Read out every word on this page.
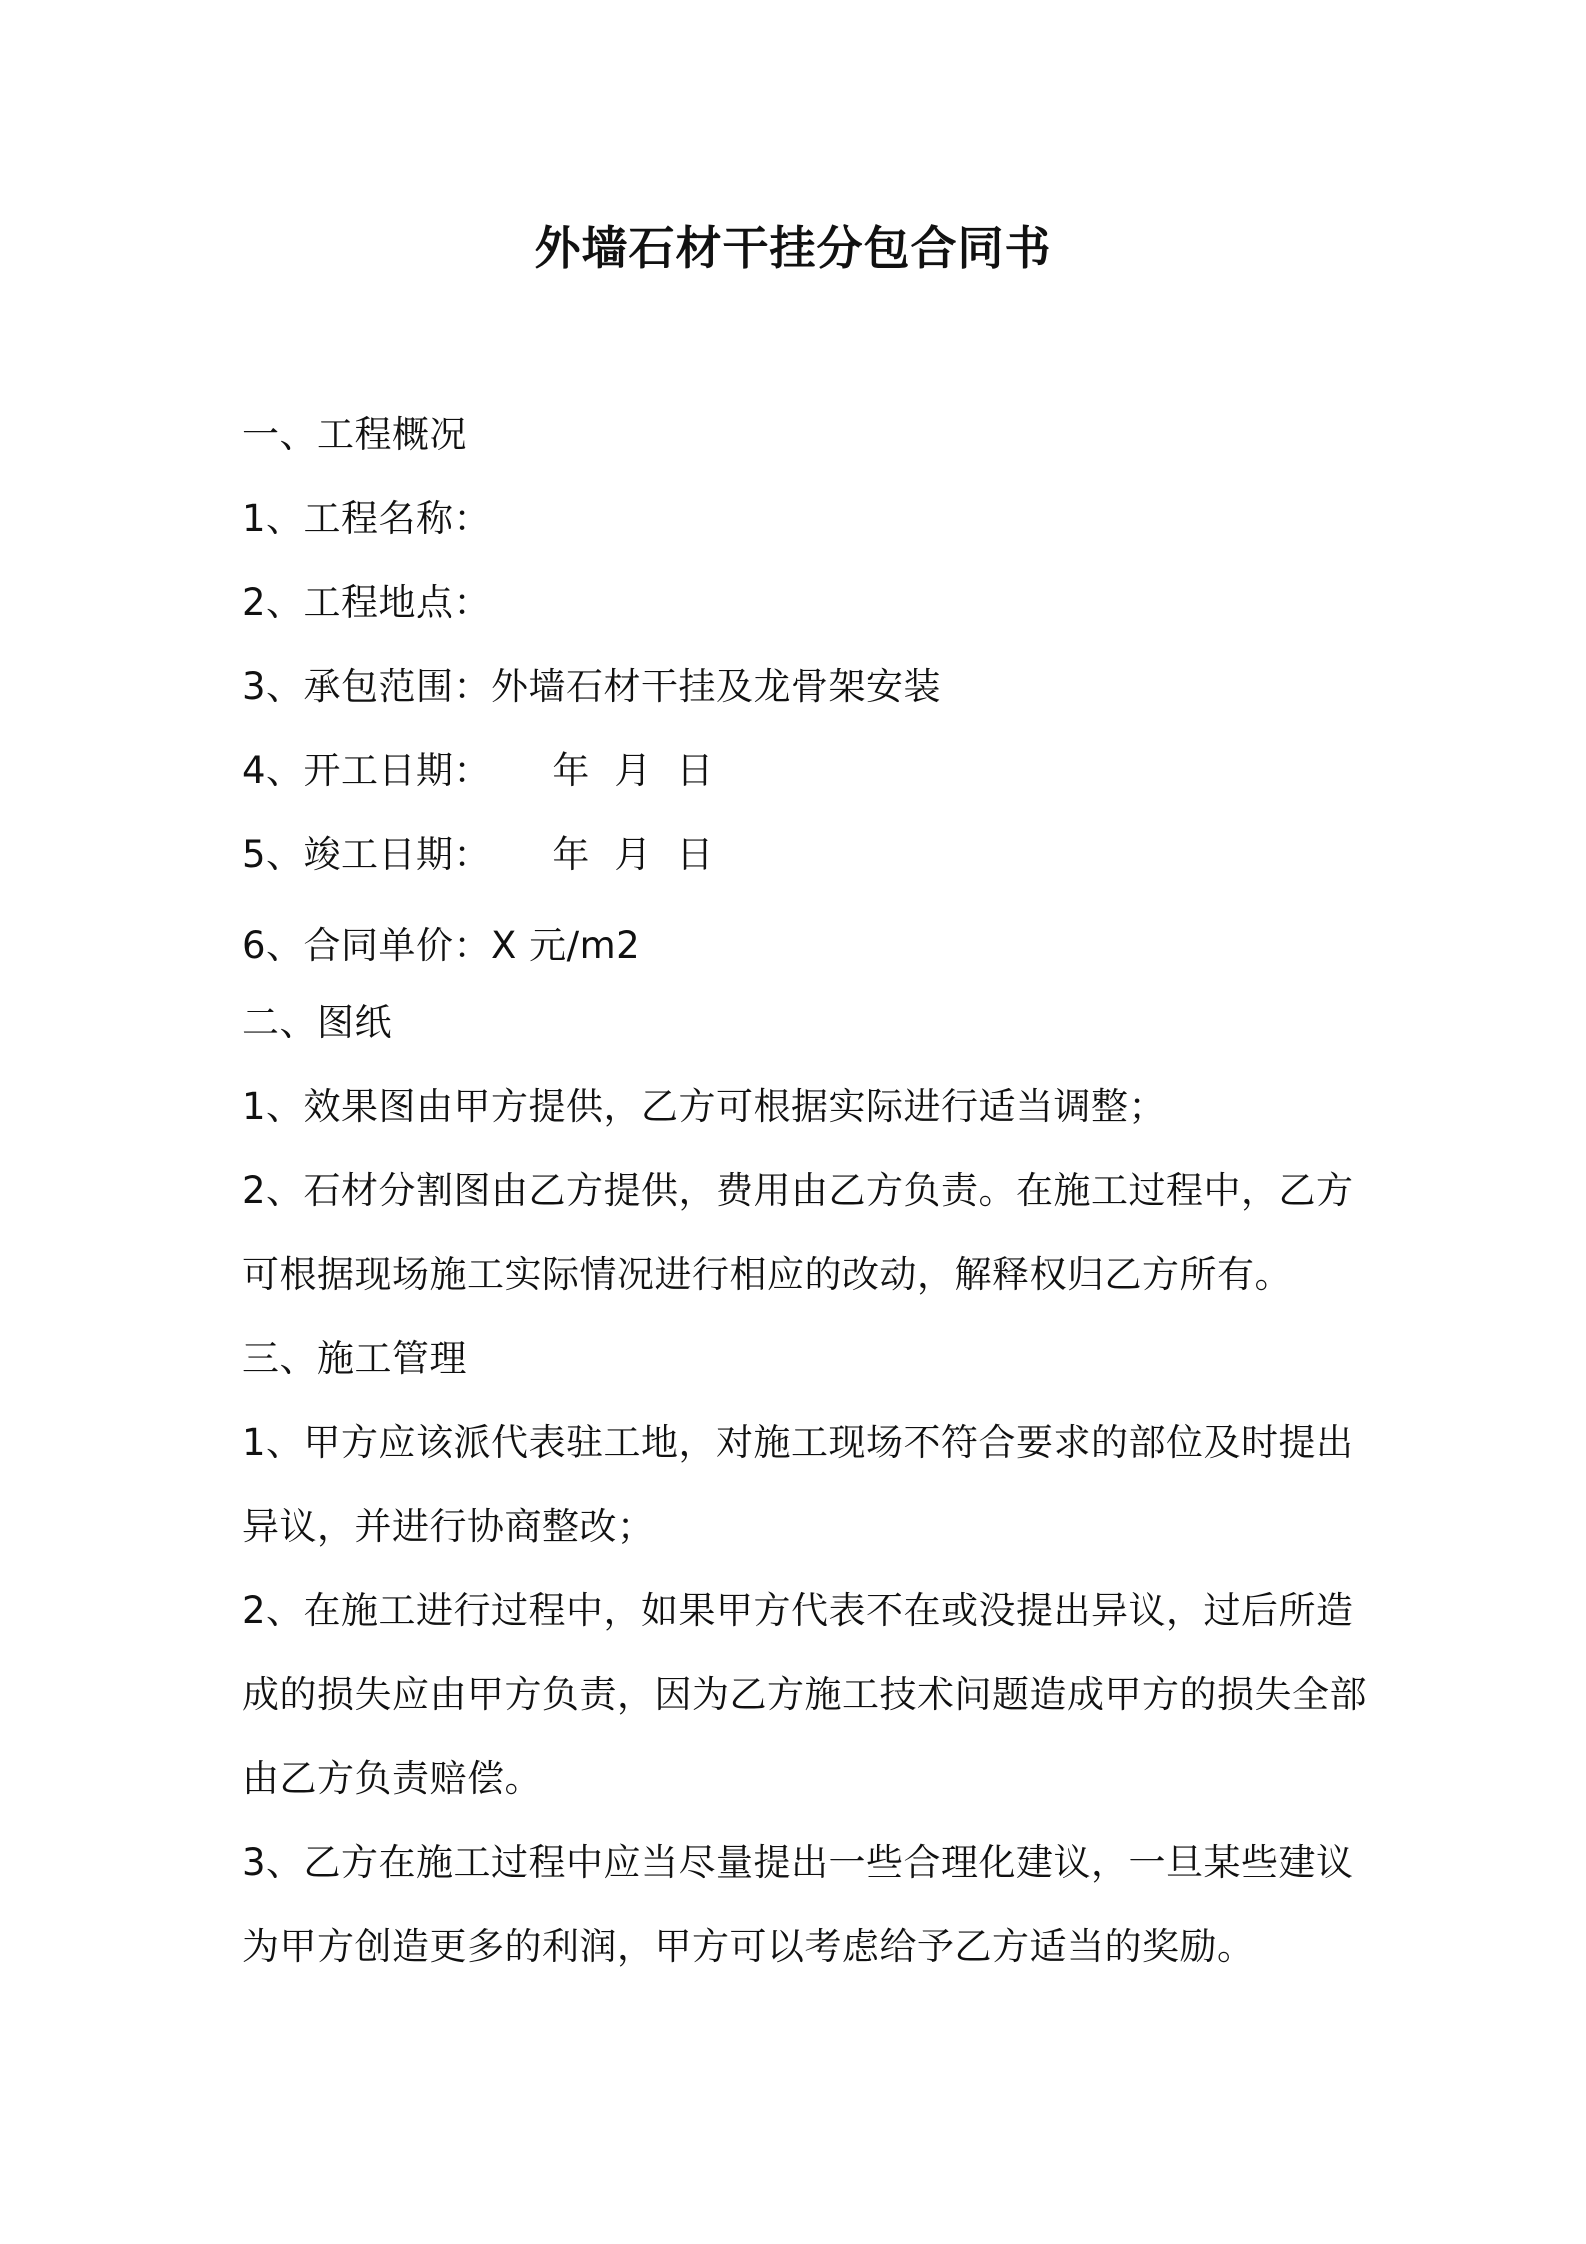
外墙石材干挂分包合同书
一、工程概况
1、工程名称：
2、工程地点：
3、承包范围：外墙石材干挂及龙骨架安装
4、开工日期：     年  月  日
5、竣工日期：     年  月  日
6、合同单价：X 元/m2
二、图纸
1、效果图由甲方提供，乙方可根据实际进行适当调整；
2、石材分割图由乙方提供，费用由乙方负责。在施工过程中，乙方
可根据现场施工实际情况进行相应的改动，解释权归乙方所有。
三、施工管理
1、甲方应该派代表驻工地，对施工现场不符合要求的部位及时提出
异议，并进行协商整改；
2、在施工进行过程中，如果甲方代表不在或没提出异议，过后所造
成的损失应由甲方负责，因为乙方施工技术问题造成甲方的损失全部
由乙方负责赔偿。
3、乙方在施工过程中应当尽量提出一些合理化建议，一旦某些建议
为甲方创造更多的利润，甲方可以考虑给予乙方适当的奖励。
